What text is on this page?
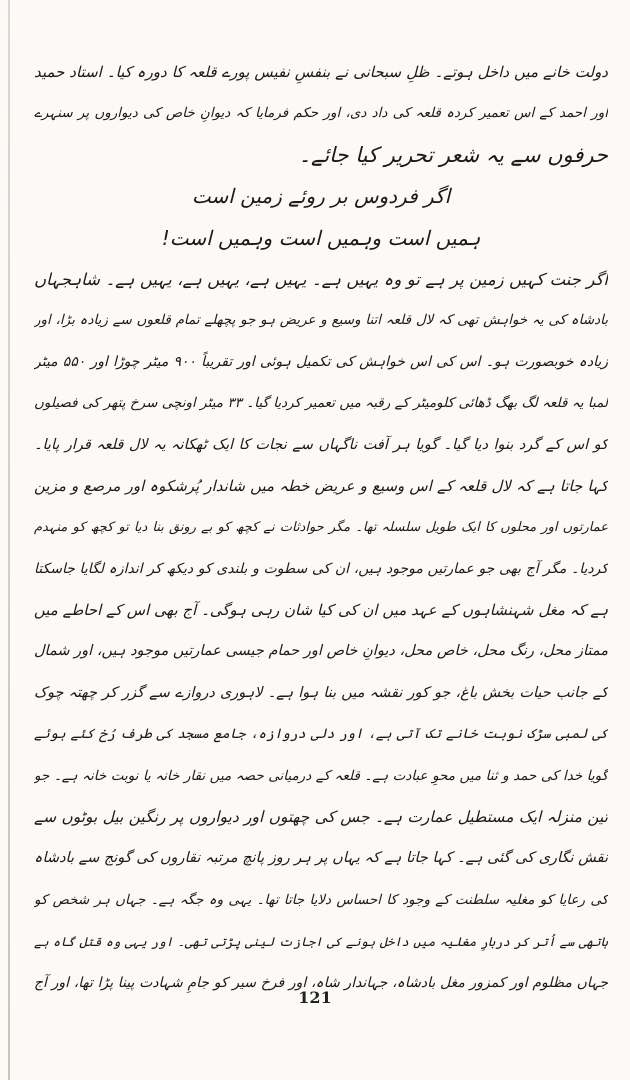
دولت خانے میں داخل ہوتے۔ ظلِ سبحانی نے بنفسِ نفیس پورے قلعہ کا دورہ کیا۔ استاد حمید
اور احمد کے اس تعمیر کردہ قلعہ کی داد دی، اور حکم فرمایا کہ دیوانِ خاص کی دیواروں پر سنہرے
حرفوں سے یہ شعر تحریر کیا جائے۔
اگر فردوس بر روئے زمین است
ہمیں است وہمیں است وہمیں است!
اگر جنت کہیں زمین پر ہے تو وہ یہیں ہے۔ یہیں ہے، یہیں ہے، یہیں ہے۔ شاہجہاں
بادشاہ کی یہ خواہش تھی کہ لال قلعہ اتنا وسیع و عریض ہو جو پچھلے تمام قلعوں سے زیادہ بڑا، اور
زیادہ خوبصورت ہو۔ اس کی اس خواہش کی تکمیل ہوئی اور تقریباً ۹۰۰ میٹر چوڑا اور ۵۵۰ میٹر
لمبا یہ قلعہ لگ بھگ ڈھائی کلومیٹر کے رقبہ میں تعمیر کردیا گیا۔ ۳۳ میٹر اونچی سرخ پتھر کی فصیلوں
کو اس کے گرد بنوا دیا گیا۔ گویا ہر آفت ناگہاں سے نجات کا ایک ٹھکانہ یہ لال قلعہ قرار پایا۔
کہا جاتا ہے کہ لال قلعہ کے اس وسیع و عریض خطہ میں شاندار پُرشکوہ اور مرصع و مزین
عمارتوں اور محلوں کا ایک طویل سلسلہ تھا۔ مگر حوادثات نے کچھ کو بے رونق بنا دیا تو کچھ کو منہدم
کردیا۔ مگر آج بھی جو عمارتیں موجود ہیں، ان کی سطوت و بلندی کو دیکھ کر اندازہ لگایا جاسکتا
ہے کہ مغل شہنشاہوں کے عہد میں ان کی کیا شان رہی ہوگی۔ آج بھی اس کے احاطے میں
ممتاز محل، رنگ محل، خاص محل، دیوانِ خاص اور حمام جیسی عمارتیں موجود ہیں، اور شمال
کے جانب حیات بخش باغ، جو کور نقشہ میں بنا ہوا ہے۔ لاہوری دروازے سے گزر کر چھتہ چوک
کی لمبی سڑک نوبت خانے تک آتی ہے، اور دلی دروازہ، جامع مسجد کی طرف رُخ کئے ہوئے
گویا خدا کی حمد و ثنا میں محوِ عبادت ہے۔ قلعہ کے درمیانی حصہ میں نقار خانہ یا نوبت خانہ ہے۔ جو
تین منزلہ ایک مستطیل عمارت ہے۔ جس کی چھتوں اور دیواروں پر رنگین بیل بوٹوں سے
نقش نگاری کی گئی ہے۔ کہا جاتا ہے کہ یہاں پر ہر روز پانچ مرتبہ نقاروں کی گونج سے بادشاہ
کی رعایا کو مغلیہ سلطنت کے وجود کا احساس دلایا جاتا تھا۔ یہی وہ جگہ ہے۔ جہاں ہر شخص کو
ہاتھی سے اُتر کر دربارِ مغلیہ میں داخل ہونے کی اجازت لینی پڑتی تھی۔ اور یہی وہ قتل گاہ ہے
جہاں مظلوم اور کمزور مغل بادشاہ، جہاندار شاہ، اور فرخ سیر کو جامِ شہادت پینا پڑا تھا، اور آج
121
